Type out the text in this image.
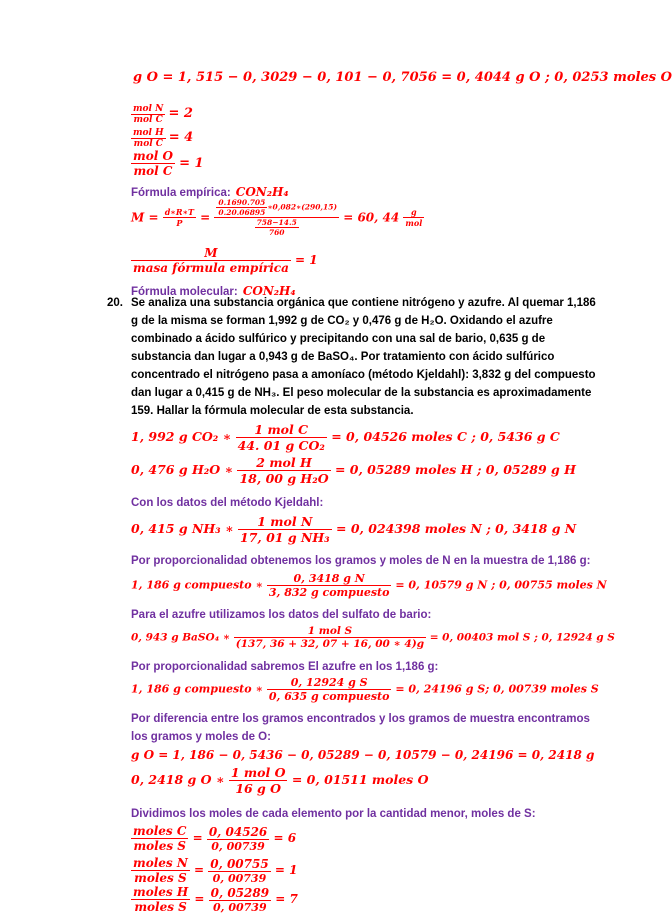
g O = 1, 515 − 0, 3029 − 0, 101 − 0, 7056 = 0, 4044 g O ; 0, 0253 moles O
mol N
mol C = 2
mol H
mol C = 4
mol O
mol C = 1
Fórmula empírica: CON₂H₄
$M = \frac{d∗R∗T}{P} = \frac{\frac{0.1690.705}{0.20.06895} ∗0,082∗(290,15)}{\frac{758-14.5}{760}} = 60$, 44	g
mol
M
masa fórmula empírica
= 1
Fórmula molecular: CON₂H₄
20. Se analiza una substancia orgánica que contiene nitrógeno y azufre. Al quemar 1,186
g de la misma se forman 1,992 g de CO₂ y 0,476 g de H₂O. Oxidando el azufre
combinado a ácido sulfúrico y precipitando con una sal de bario, 0,635 g de
substancia dan lugar a 0,943 g de BaSO₄. Por tratamiento con ácido sulfúrico
concentrado el nitrógeno pasa a amoníaco (método Kjeldahl): 3,832 g del compuesto
dan lugar a 0,415 g de NH₃. El peso molecular de la substancia es aproximadamente
159. Hallar la fórmula molecular de esta substancia.
1, 992 g CO₂ ∗	1 mol C
44. 01 g CO₂
= 0, 04526 moles C ; 0, 5436 g C
0, 476 g H₂O ∗	2 mol H
18, 00 g H₂O
= 0, 05289 moles H ; 0, 05289 g H
Con los datos del método Kjeldahl:
0, 415 g NH₃ ∗	1 mol N
17, 01 g NH₃
= 0, 024398 moles N ; 0, 3418 g N
Por proporcionalidad obtenemos los gramos y moles de N en la muestra de 1,186 g:
1, 186 g compuesto ∗	0, 3418 g N
3, 832 g compuesto
= 0, 10579 g N ; 0, 00755 moles N
Para el azufre utilizamos los datos del sulfato de bario:
0, 943 g BaSO₄ ∗
1 mol S
(137, 36 + 32, 07 + 16, 00 ∗ 4)g
= 0, 00403 mol S ; 0, 12924 g S
Por proporcionalidad sabremos El azufre en los 1,186 g:
1, 186 g compuesto ∗	0, 12924 g S
0, 635 g compuesto
= 0, 24196 g S; 0, 00739 moles S
Por diferencia entre los gramos encontrados y los gramos de muestra encontramos
los gramos y moles de O:
g O = 1, 186 − 0, 5436 − 0, 05289 − 0, 10579 − 0, 24196 = 0, 2418 g
0, 2418 g O ∗ 1 mol O
16 g O
= 0, 01511 moles O
Dividimos los moles de cada elemento por la cantidad menor, moles de S:
moles C
moles S
= $\frac{0, 04526}{0, 00739} = 6$
moles N
moles S
= $\frac{0, 00755}{0, 00739} = 1$
moles H
moles S
= $\frac{0, 05289}{0, 00739} = 7$
